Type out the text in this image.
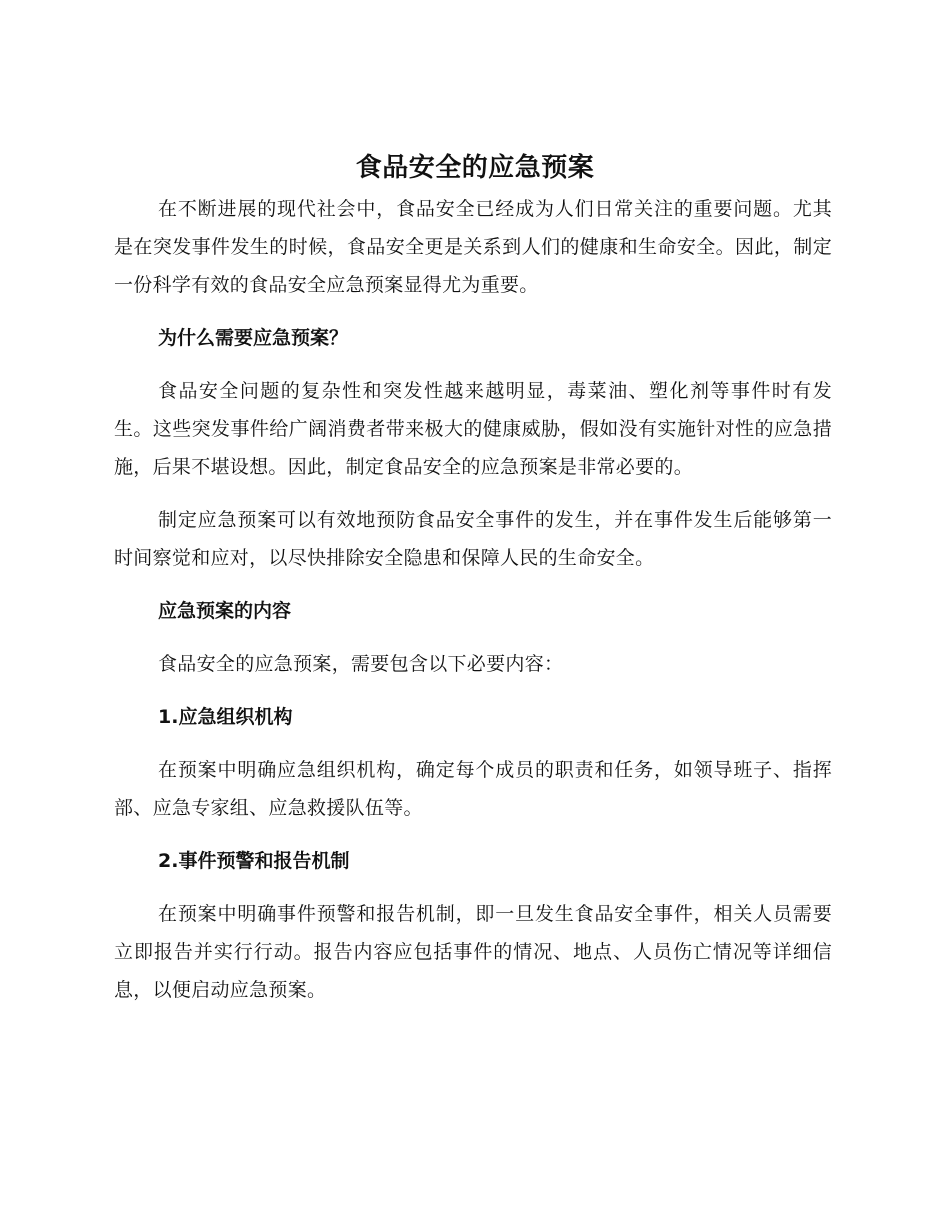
食品安全的应急预案

在不断进展的现代社会中，食品安全已经成为人们日常关注的重要问题。尤其是在突发事件发生的时候，食品安全更是关系到人们的健康和生命安全。因此，制定一份科学有效的食品安全应急预案显得尤为重要。

为什么需要应急预案？

食品安全问题的复杂性和突发性越来越明显，毒菜油、塑化剂等事件时有发生。这些突发事件给广阔消费者带来极大的健康威胁，假如没有实施针对性的应急措施，后果不堪设想。因此，制定食品安全的应急预案是非常必要的。

制定应急预案可以有效地预防食品安全事件的发生，并在事件发生后能够第一时间察觉和应对，以尽快排除安全隐患和保障人民的生命安全。

应急预案的内容

食品安全的应急预案，需要包含以下必要内容：

1.应急组织机构

在预案中明确应急组织机构，确定每个成员的职责和任务，如领导班子、指挥部、应急专家组、应急救援队伍等。

2.事件预警和报告机制

在预案中明确事件预警和报告机制，即一旦发生食品安全事件，相关人员需要立即报告并实行行动。报告内容应包括事件的情况、地点、人员伤亡情况等详细信息，以便启动应急预案。
